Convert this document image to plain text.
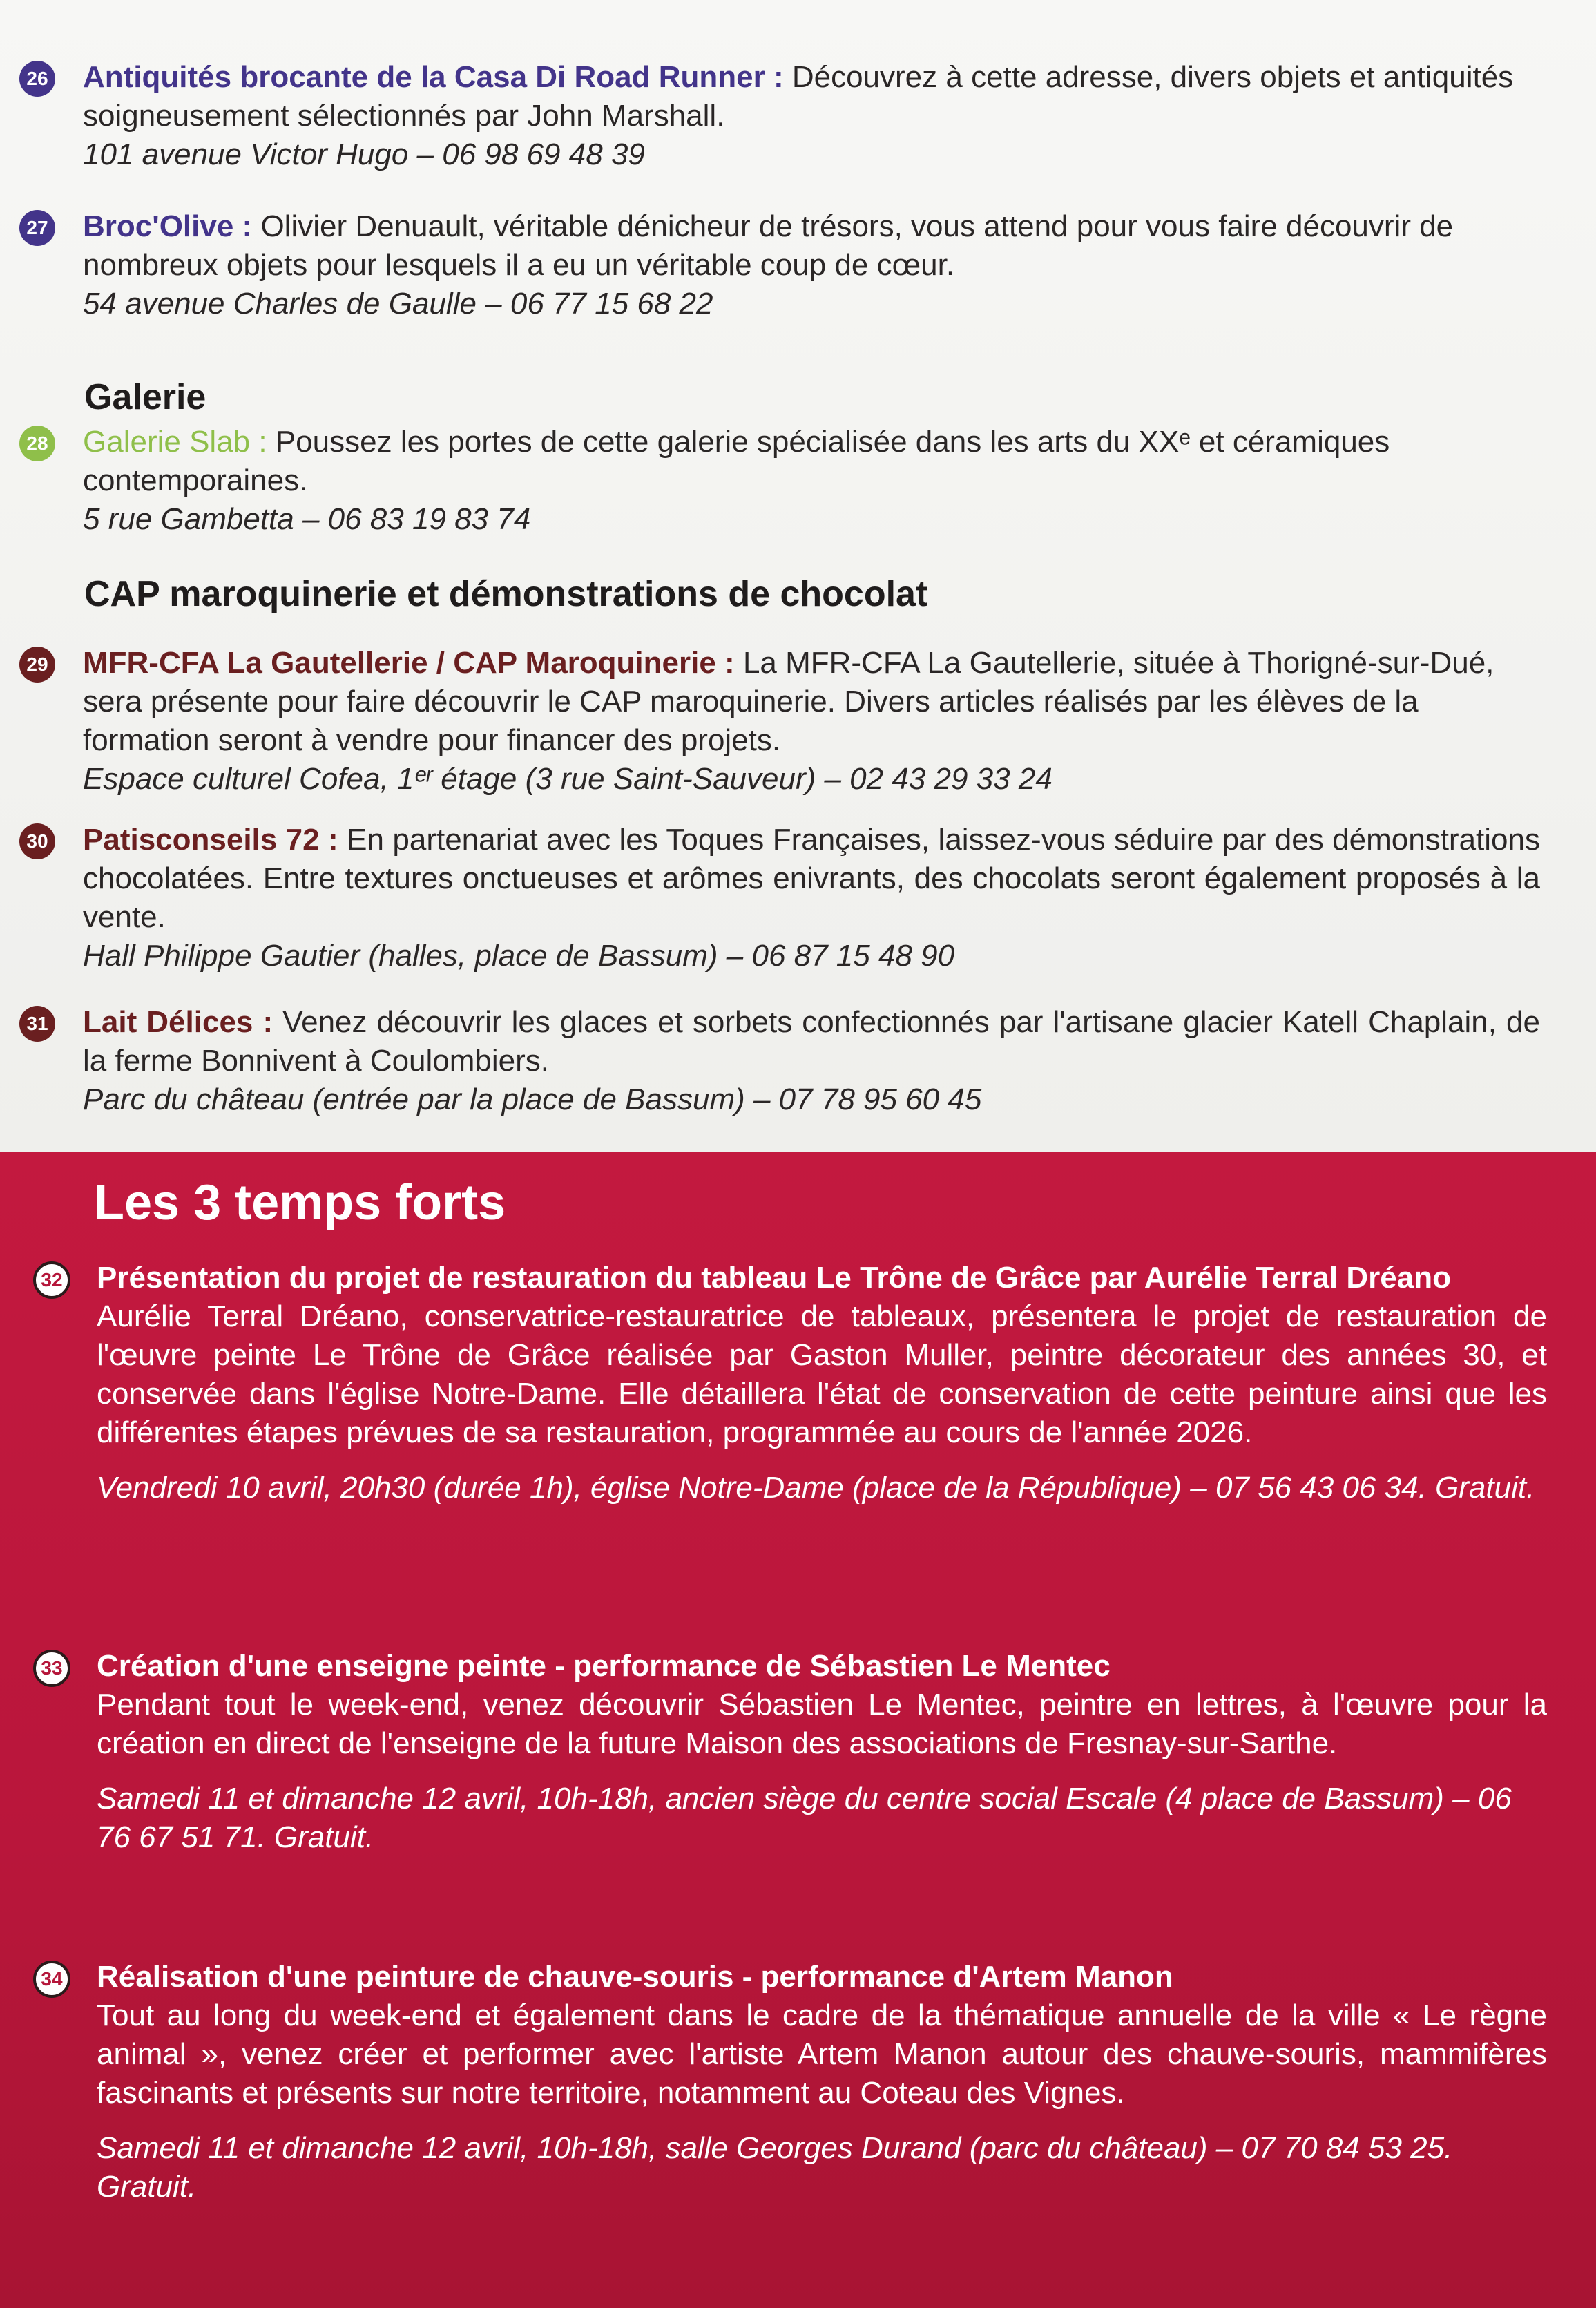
26 Antiquités brocante de la Casa Di Road Runner : Découvrez à cette adresse, divers objets et antiquités soigneusement sélectionnés par John Marshall.

101 avenue Victor Hugo – 06 98 69 48 39

27 Broc'Olive : Olivier Denuault, véritable dénicheur de trésors, vous attend pour vous faire découvrir de nombreux objets pour lesquels il a eu un véritable coup de cœur.

54 avenue Charles de Gaulle – 06 77 15 68 22

Galerie
28 Galerie Slab : Poussez les portes de cette galerie spécialisée dans les arts du XXᵉ et céramiques contemporaines.

5 rue Gambetta – 06 83 19 83 74

CAP maroquinerie et démonstrations de chocolat
29 MFR-CFA La Gautellerie / CAP Maroquinerie : La MFR-CFA La Gautellerie, située à Thorigné-sur-Dué, sera présente pour faire découvrir le CAP maroquinerie. Divers articles réalisés par les élèves de la formation seront à vendre pour financer des projets.

Espace culturel Cofea, 1ᵉʳ étage (3 rue Saint-Sauveur) – 02 43 29 33 24

30 Patisconseils 72 : En partenariat avec les Toques Françaises, laissez-vous séduire par des démonstrations chocolatées. Entre textures onctueuses et arômes enivrants, des chocolats seront également proposés à la vente.

Hall Philippe Gautier (halles, place de Bassum) – 06 87 15 48 90

31 Lait Délices : Venez découvrir les glaces et sorbets confectionnés par l'artisane glacier Katell Chaplain, de la ferme Bonnivent à Coulombiers.

Parc du château (entrée par la place de Bassum) – 07 78 95 60 45

Les 3 temps forts
32 Présentation du projet de restauration du tableau Le Trône de Grâce par Aurélie Terral Dréano

Aurélie Terral Dréano, conservatrice-restauratrice de tableaux, présentera le projet de restauration de l'œuvre peinte Le Trône de Grâce réalisée par Gaston Muller, peintre décorateur des années 30, et conservée dans l'église Notre-Dame. Elle détaillera l'état de conservation de cette peinture ainsi que les différentes étapes prévues de sa restauration, programmée au cours de l'année 2026.

Vendredi 10 avril, 20h30 (durée 1h), église Notre-Dame (place de la République) – 07 56 43 06 34. Gratuit.

33 Création d'une enseigne peinte - performance de Sébastien Le Mentec

Pendant tout le week-end, venez découvrir Sébastien Le Mentec, peintre en lettres, à l'œuvre pour la création en direct de l'enseigne de la future Maison des associations de Fresnay-sur-Sarthe.

Samedi 11 et dimanche 12 avril, 10h-18h, ancien siège du centre social Escale (4 place de Bassum) – 06 76 67 51 71. Gratuit.

34 Réalisation d'une peinture de chauve-souris - performance d'Artem Manon

Tout au long du week-end et également dans le cadre de la thématique annuelle de la ville « Le règne animal », venez créer et performer avec l'artiste Artem Manon autour des chauve-souris, mammifères fascinants et présents sur notre territoire, notamment au Coteau des Vignes.

Samedi 11 et dimanche 12 avril, 10h-18h, salle Georges Durand (parc du château) – 07 70 84 53 25. Gratuit.
